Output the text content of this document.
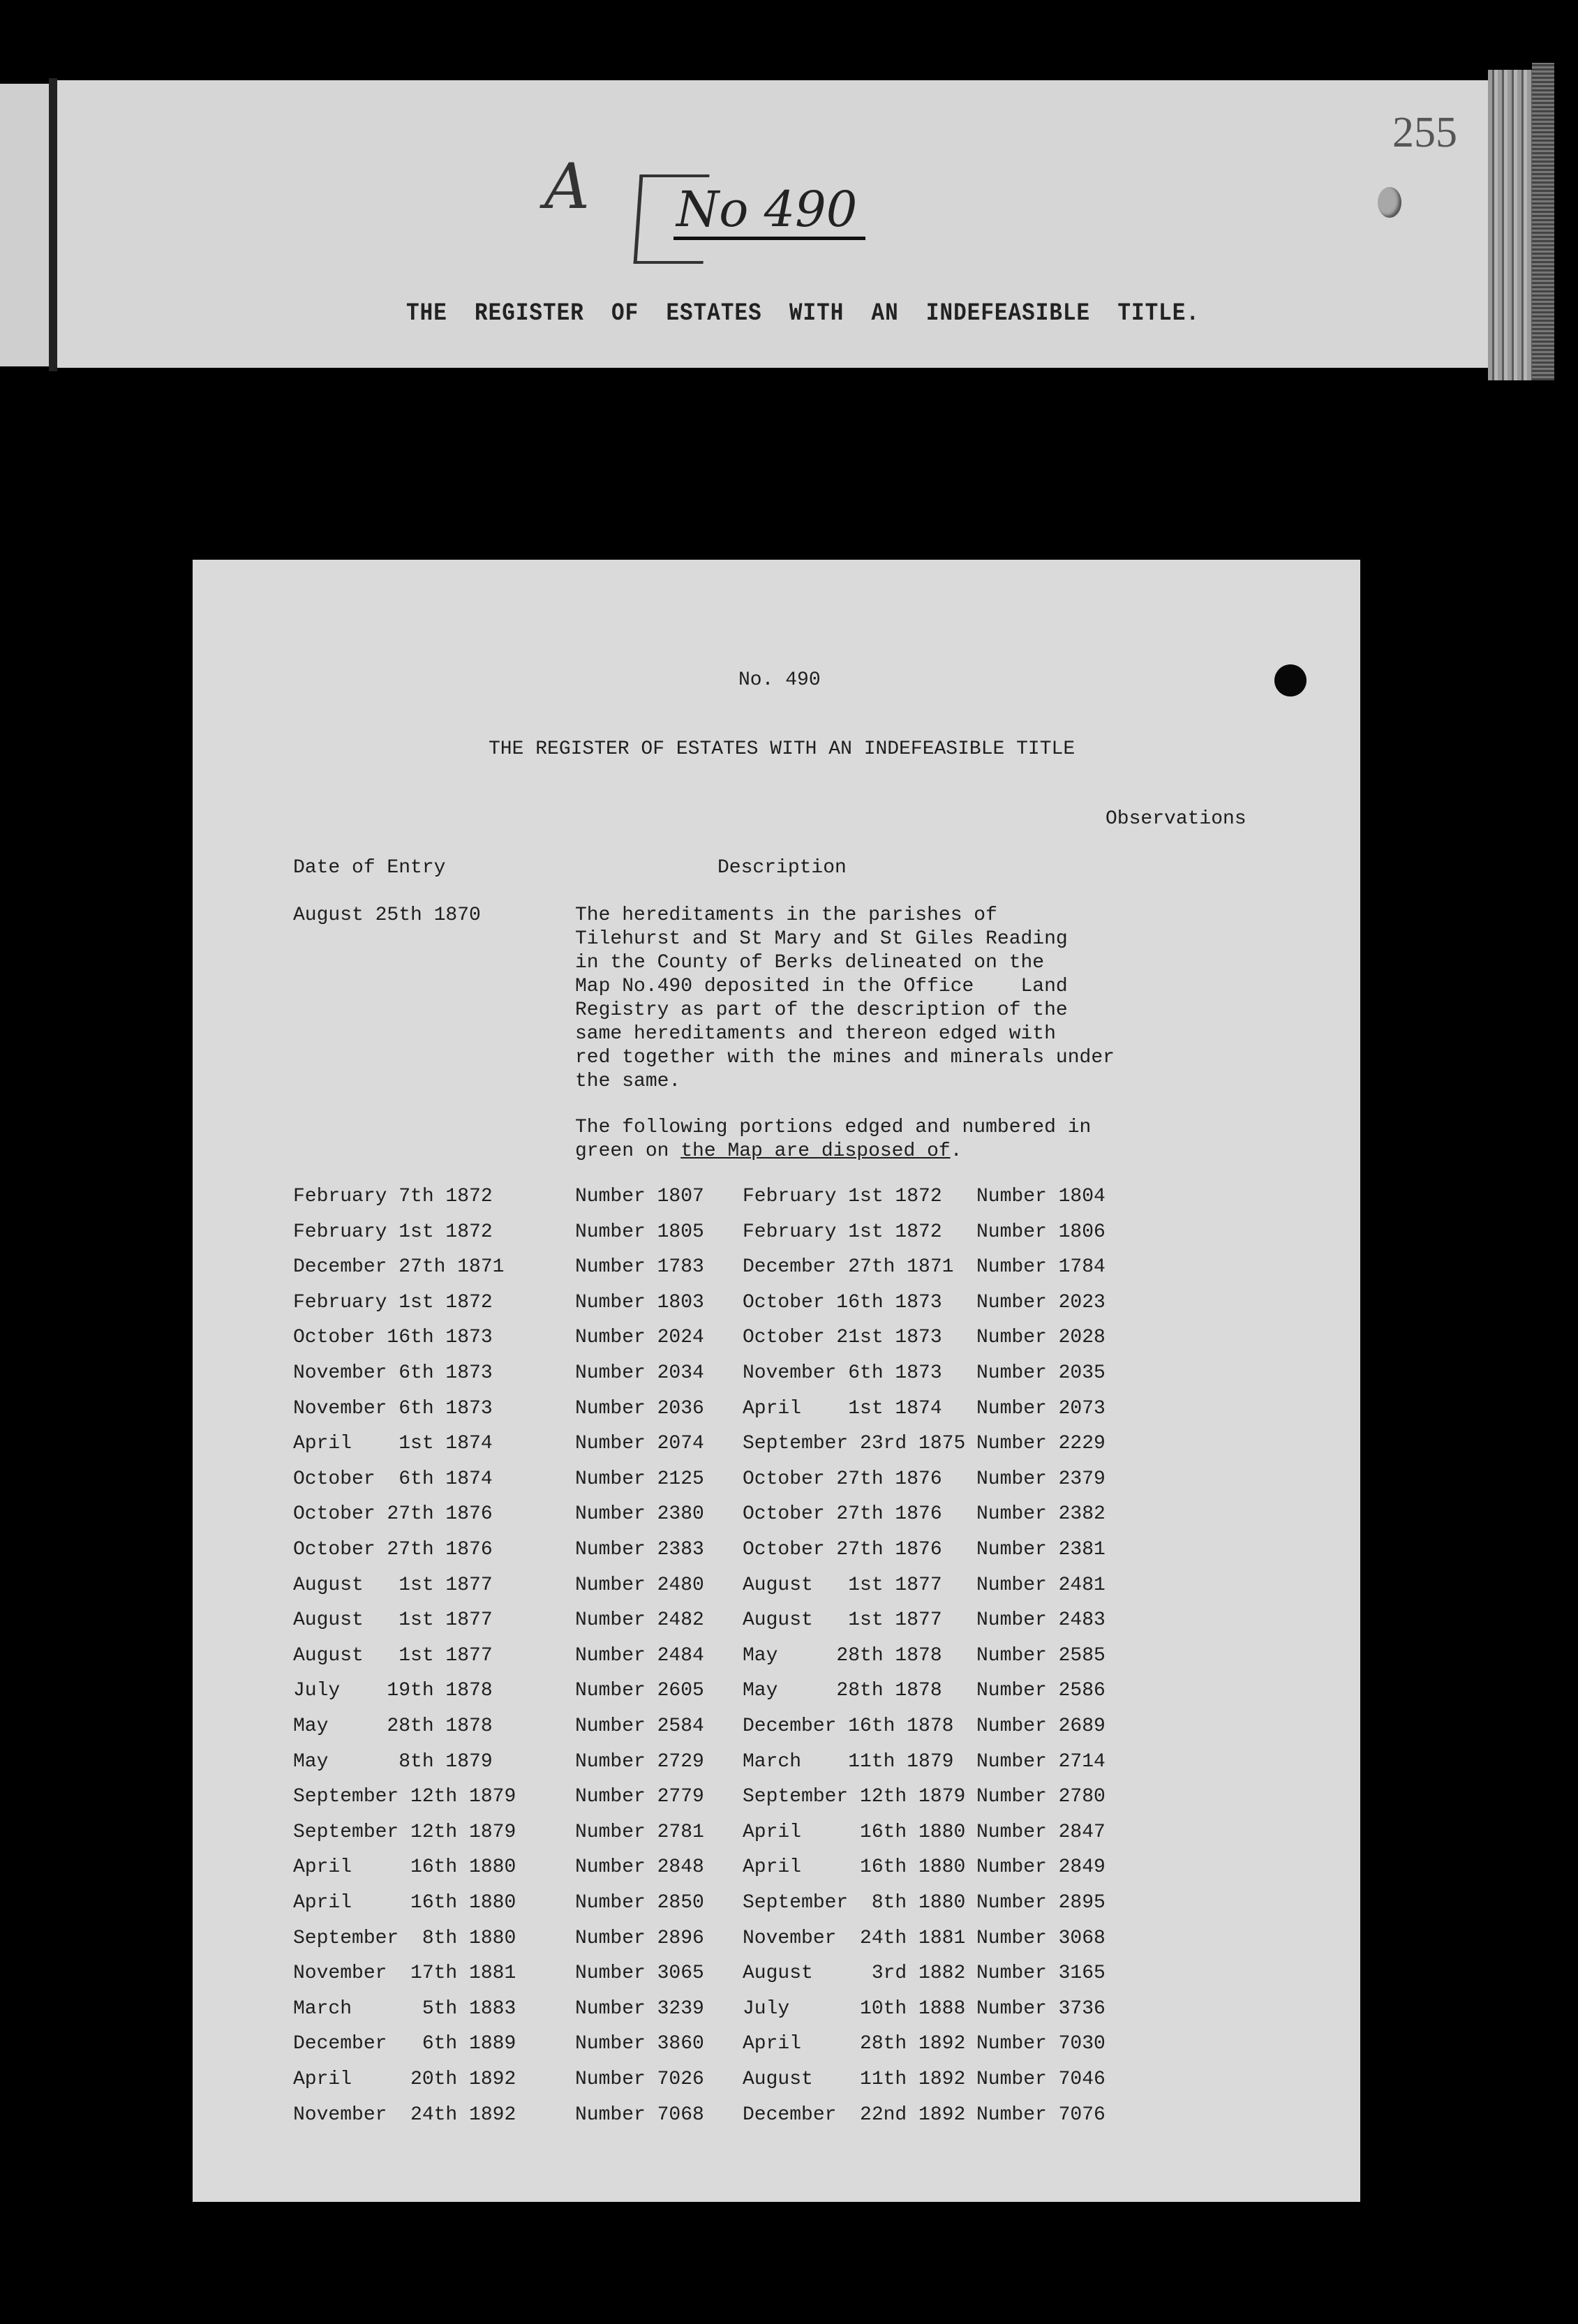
A No 490
255
THE  REGISTER  OF  ESTATES  WITH  AN  INDEFEASIBLE  TITLE.
No. 490
THE REGISTER OF ESTATES WITH AN INDEFEASIBLE TITLE
Observations
Date of Entry	Description
August 25th 1870	The hereditaments in the parishes of
Tilehurst and St Mary and St Giles Reading
in the County of Berks delineated on the
Map No.490 deposited in the Office    Land
Registry as part of the description of the
same hereditaments and thereon edged with
red together with the mines and minerals under
the same.
The following portions edged and numbered in
green on the Map are disposed of.
February 7th 1872	Number 1807 February 1st 1872 Number 1804
February 1st 1872	Number 1805 February 1st 1872 Number 1806
December 27th 1871	Number 1783 December 27th 1871 Number 1784
February 1st 1872	Number 1803 October 16th 1873 Number 2023
October 16th 1873	Number 2024 October 21st 1873 Number 2028
November 6th 1873	Number 2034 November 6th 1873 Number 2035
November 6th 1873	Number 2036 April    1st 1874 Number 2073
April    1st 1874	Number 2074 September 23rd 1875 Number 2229
October  6th 1874	Number 2125 October 27th 1876 Number 2379
October 27th 1876	Number 2380 October 27th 1876 Number 2382
October 27th 1876	Number 2383 October 27th 1876 Number 2381
August   1st 1877	Number 2480 August   1st 1877 Number 2481
August   1st 1877	Number 2482 August   1st 1877 Number 2483
August   1st 1877	Number 2484 May     28th 1878 Number 2585
July    19th 1878	Number 2605 May     28th 1878 Number 2586
May     28th 1878	Number 2584 December 16th 1878 Number 2689
May      8th 1879	Number 2729 March    11th 1879 Number 2714
September 12th 1879	Number 2779 September 12th 1879 Number 2780
September 12th 1879	Number 2781 April     16th 1880 Number 2847
April     16th 1880	Number 2848 April     16th 1880 Number 2849
April     16th 1880	Number 2850 September  8th 1880 Number 2895
September  8th 1880	Number 2896 November  24th 1881 Number 3068
November  17th 1881	Number 3065 August     3rd 1882 Number 3165
March      5th 1883	Number 3239 July      10th 1888 Number 3736
December   6th 1889	Number 3860 April     28th 1892 Number 7030
April     20th 1892	Number 7026 August    11th 1892 Number 7046
November  24th 1892	Number 7068 December  22nd 1892 Number 7076
